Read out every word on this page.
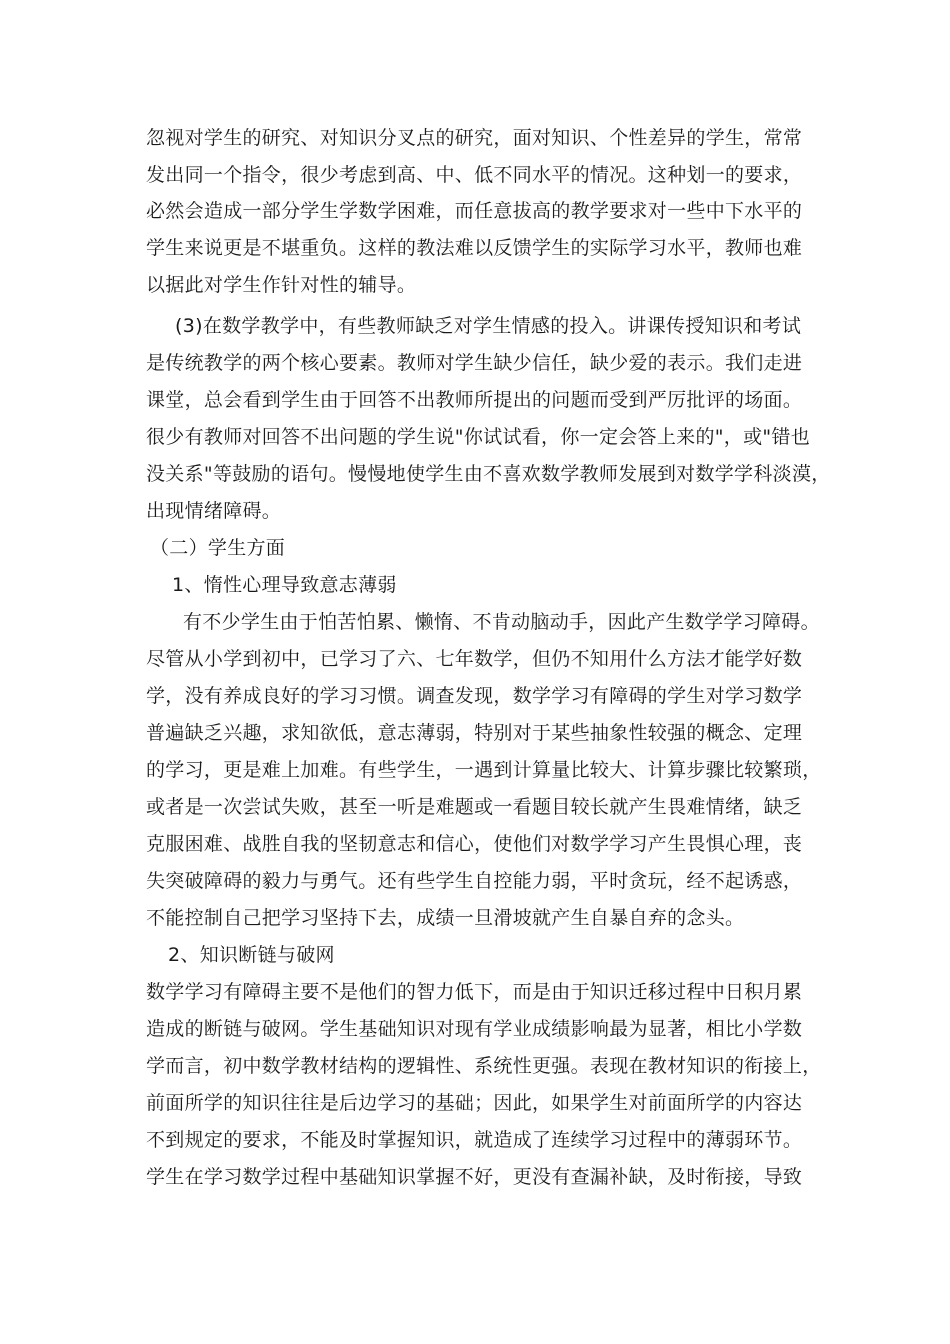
忽视对学生的研究、对知识分叉点的研究，面对知识、个性差异的学生，常常
发出同一个指令，很少考虑到高、中、低不同水平的情况。这种划一的要求，
必然会造成一部分学生学数学困难，而任意拔高的教学要求对一些中下水平的
学生来说更是不堪重负。这样的教法难以反馈学生的实际学习水平，教师也难
以据此对学生作针对性的辅导。
(3)在数学教学中，有些教师缺乏对学生情感的投入。讲课传授知识和考试
是传统教学的两个核心要素。教师对学生缺少信任，缺少爱的表示。我们走进
课堂，总会看到学生由于回答不出教师所提出的问题而受到严厉批评的场面。
很少有教师对回答不出问题的学生说"你试试看，你一定会答上来的"，或"错也
没关系"等鼓励的语句。慢慢地使学生由不喜欢数学教师发展到对数学学科淡漠，
出现情绪障碍。
（二）学生方面
1、惰性心理导致意志薄弱
有不少学生由于怕苦怕累、懒惰、不肯动脑动手，因此产生数学学习障碍。
尽管从小学到初中，已学习了六、七年数学，但仍不知用什么方法才能学好数
学，没有养成良好的学习习惯。调查发现，数学学习有障碍的学生对学习数学
普遍缺乏兴趣，求知欲低，意志薄弱，特别对于某些抽象性较强的概念、定理
的学习，更是难上加难。有些学生，一遇到计算量比较大、计算步骤比较繁琐，
或者是一次尝试失败，甚至一听是难题或一看题目较长就产生畏难情绪，缺乏
克服困难、战胜自我的坚韧意志和信心，使他们对数学学习产生畏惧心理，丧
失突破障碍的毅力与勇气。还有些学生自控能力弱，平时贪玩，经不起诱惑，
不能控制自己把学习坚持下去，成绩一旦滑坡就产生自暴自弃的念头。
2、知识断链与破网
数学学习有障碍主要不是他们的智力低下，而是由于知识迁移过程中日积月累
造成的断链与破网。学生基础知识对现有学业成绩影响最为显著，相比小学数
学而言，初中数学教材结构的逻辑性、系统性更强。表现在教材知识的衔接上，
前面所学的知识往往是后边学习的基础；因此，如果学生对前面所学的内容达
不到规定的要求，不能及时掌握知识，就造成了连续学习过程中的薄弱环节。
学生在学习数学过程中基础知识掌握不好，更没有查漏补缺，及时衔接，导致
